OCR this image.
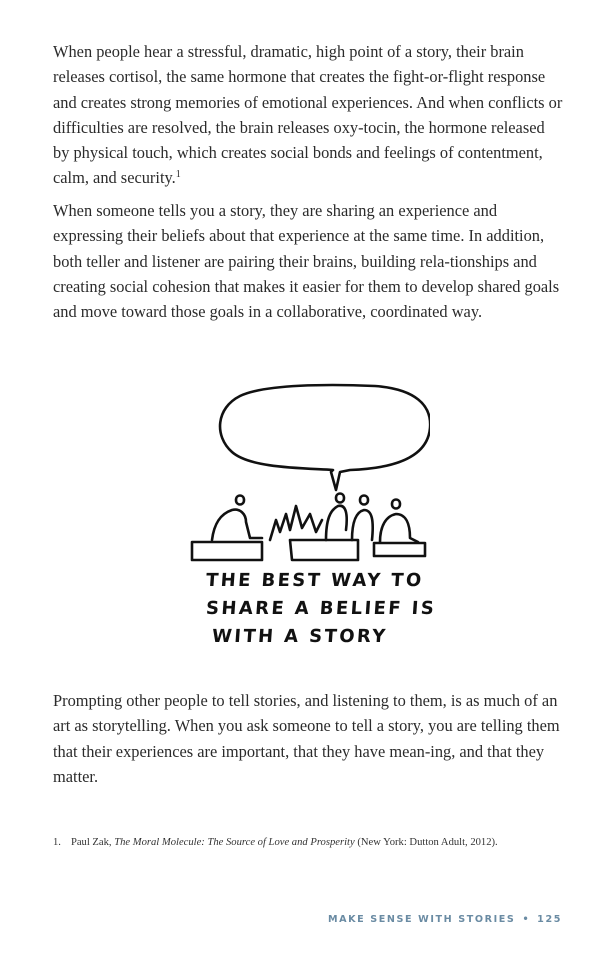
When people hear a stressful, dramatic, high point of a story, their brain releases cortisol, the same hormone that creates the fight-or-flight response and creates strong memories of emotional experiences. And when conflicts or difficulties are resolved, the brain releases oxy-tocin, the hormone released by physical touch, which creates social bonds and feelings of contentment, calm, and security.$^1$

When someone tells you a story, they are sharing an experience and expressing their beliefs about that experience at the same time. In addition, both teller and listener are pairing their brains, building rela-tionships and creating social cohesion that makes it easier for them to develop shared goals and move toward those goals in a collaborative, coordinated way.

THE BEST WAY TO
SHARE A BELIEF IS
WITH A STORY

Prompting other people to tell stories, and listening to them, is as much of an art as storytelling. When you ask someone to tell a story, you are telling them that their experiences are important, that they have mean-ing, and that they matter.

1. Paul Zak, The Moral Molecule: The Source of Love and Prosperity (New York: Dutton Adult, 2012).
MAKE SENSE WITH STORIES • 125
